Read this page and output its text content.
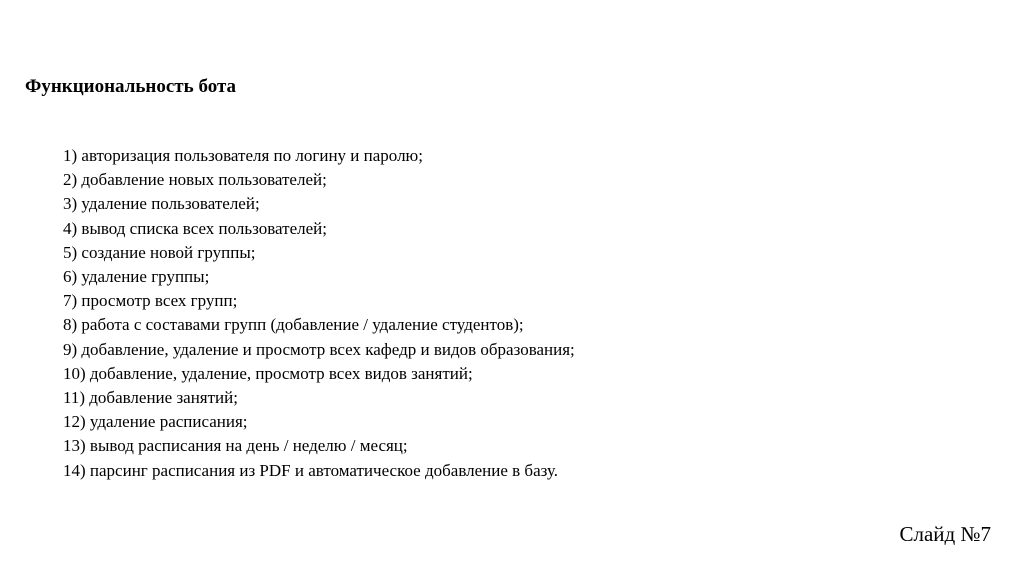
Функциональность бота
1) авторизация пользователя по логину и паролю;
2) добавление новых пользователей;
3) удаление пользователей;
4) вывод списка всех пользователей;
5) создание новой группы;
6) удаление группы;
7) просмотр всех групп;
8) работа с составами групп (добавление / удаление студентов);
9) добавление, удаление и просмотр всех кафедр и видов образования;
10) добавление, удаление, просмотр всех видов занятий;
11) добавление занятий;
12) удаление расписания;
13) вывод расписания на день / неделю / месяц;
14) парсинг расписания из PDF и автоматическое добавление в базу.
Слайд №7
